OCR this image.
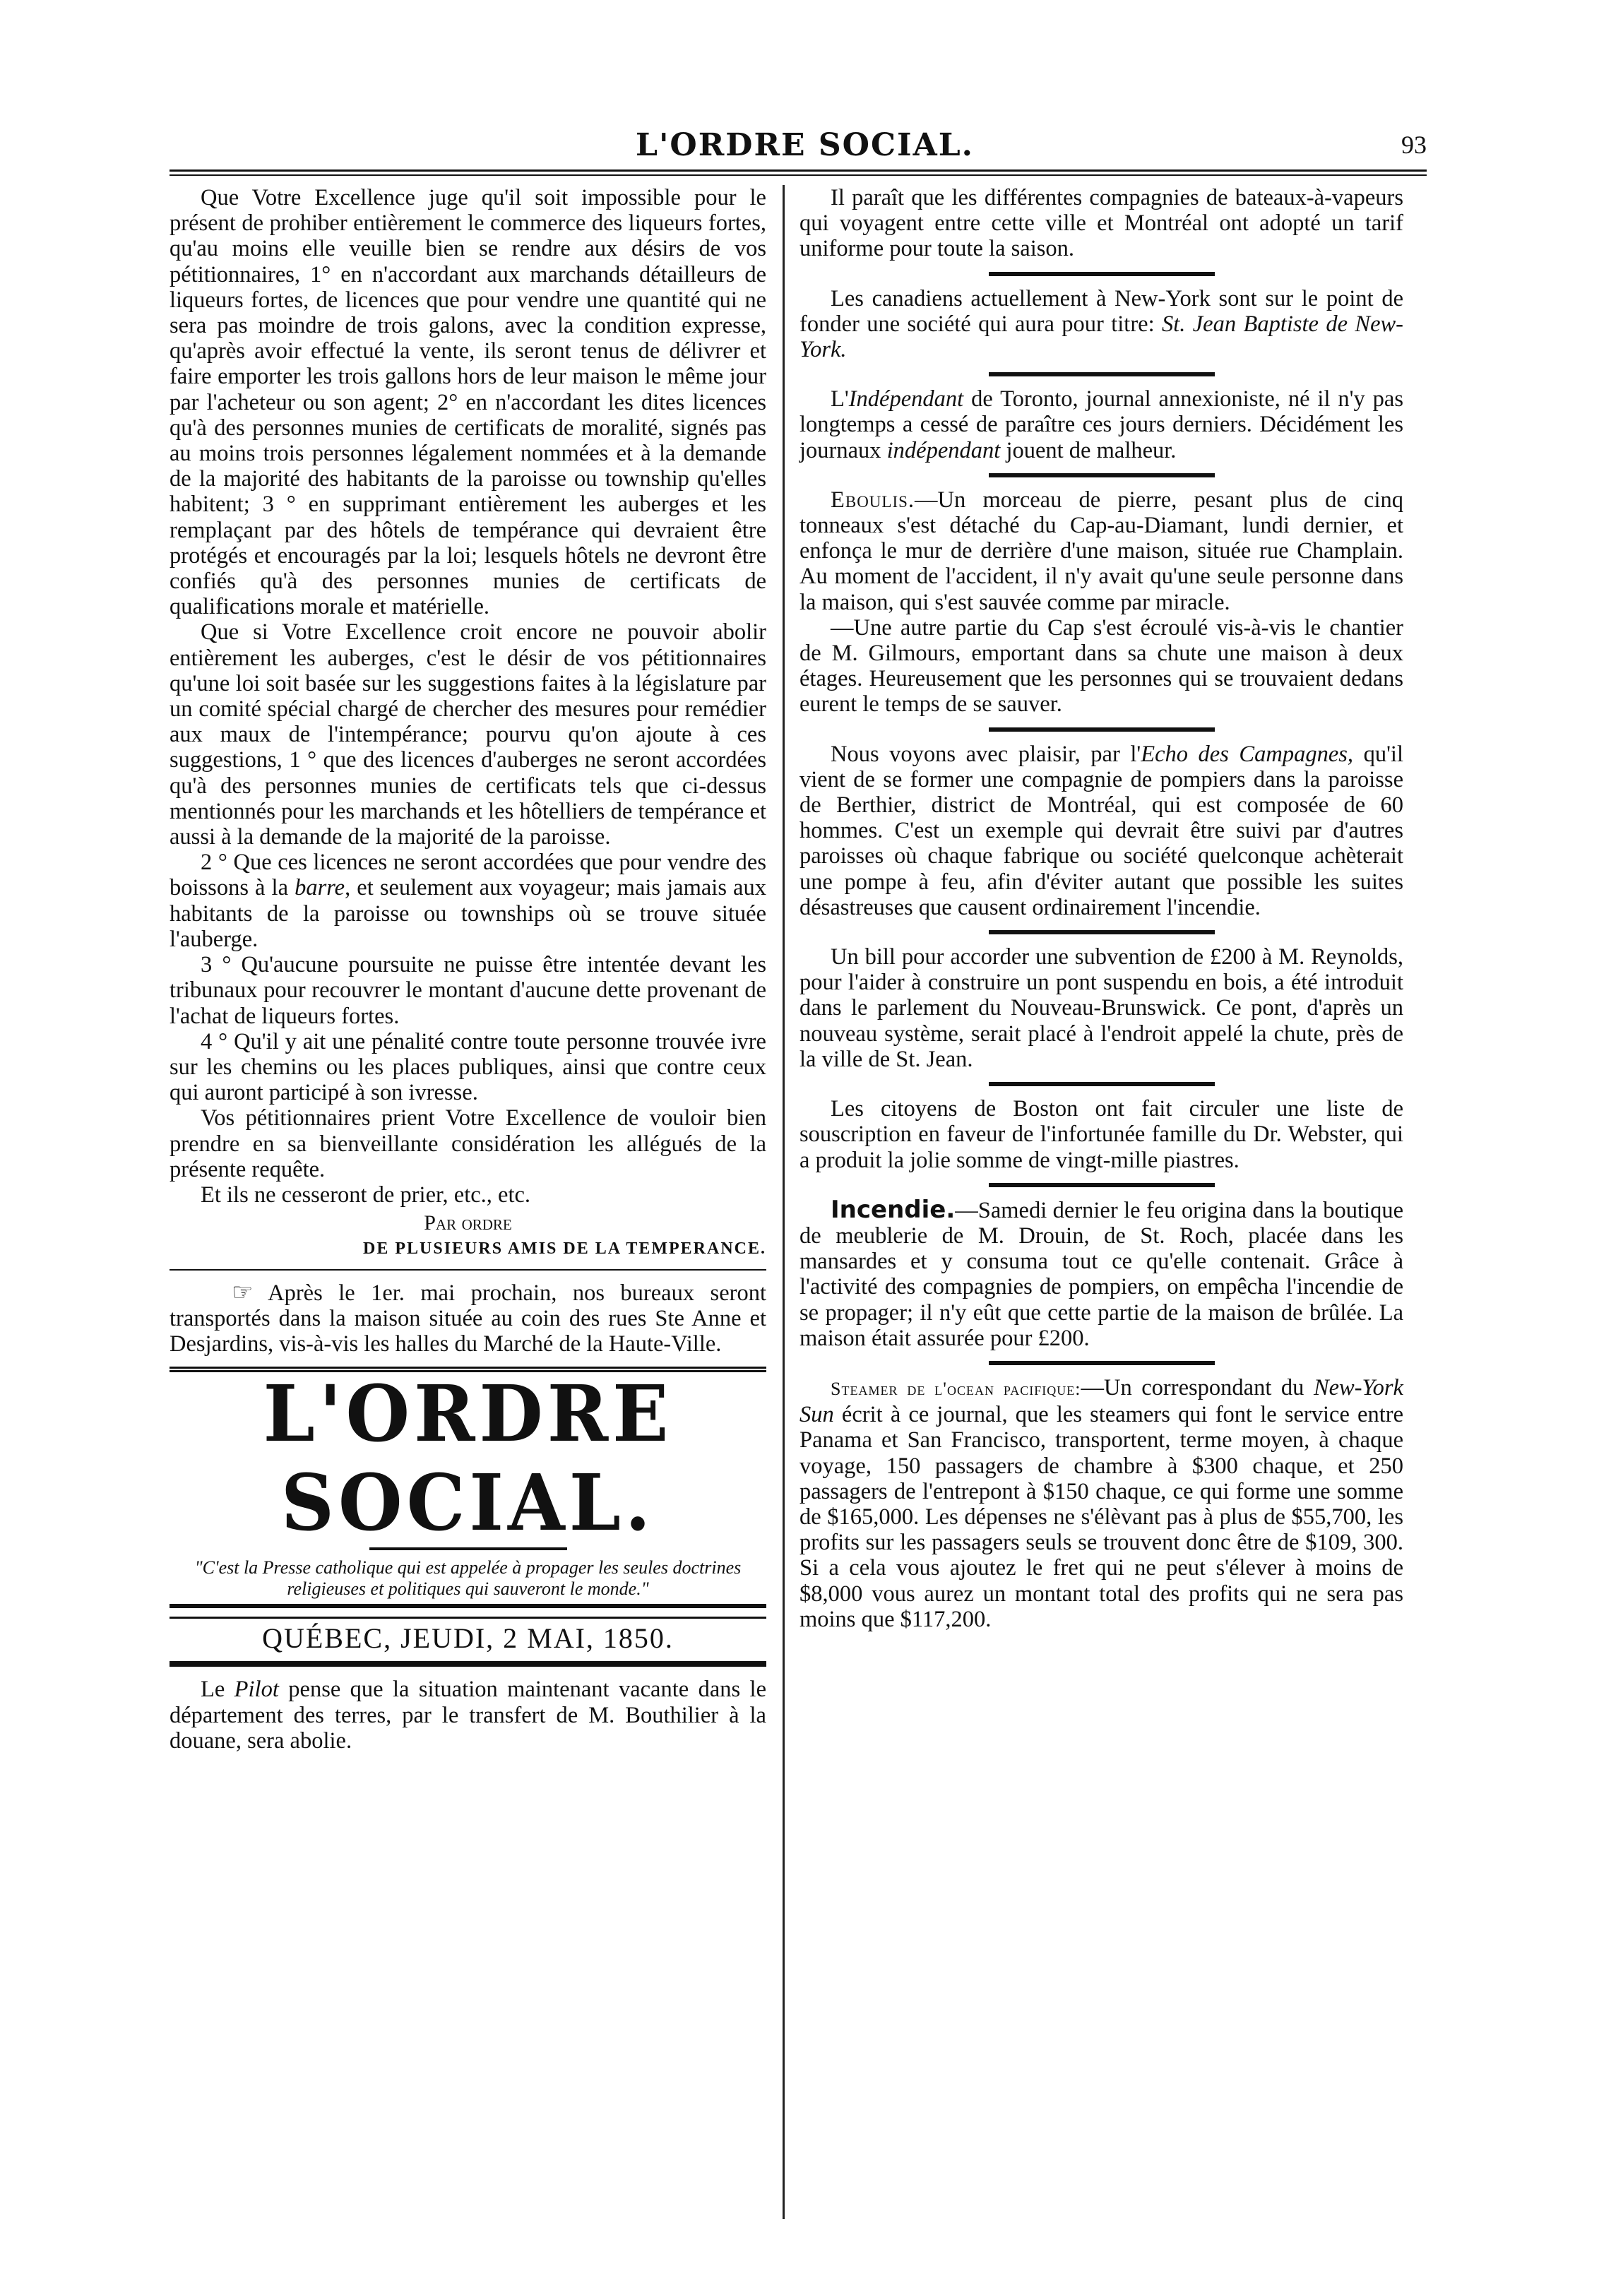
L'ORDRE SOCIAL.	93

Que Votre Excellence juge qu'il soit impossible pour le présent de prohiber entièrement le commerce des liqueurs fortes, qu'au moins elle veuille bien se rendre aux désirs de vos pétitionnaires, 1° en n'accordant aux marchands détailleurs de liqueurs fortes, de licences que pour vendre une quantité qui ne sera pas moindre de trois galons, avec la condition expresse, qu'après avoir effectué la vente, ils seront tenus de délivrer et faire emporter les trois gallons hors de leur maison le même jour par l'acheteur ou son agent; 2° en n'accordant les dites licences qu'à des personnes munies de certificats de moralité, signés pas au moins trois personnes légalement nommées et à la demande de la majorité des habitants de la paroisse ou township qu'elles habitent; 3 ° en supprimant entièrement les auberges et les remplaçant par des hôtels de tempérance qui devraient être protégés et encouragés par la loi; lesquels hôtels ne devront être confiés qu'à des personnes munies de certificats de qualifications morale et matérielle.

Que si Votre Excellence croit encore ne pouvoir abolir entièrement les auberges, c'est le désir de vos pétitionnaires qu'une loi soit basée sur les suggestions faites à la législature par un comité spécial chargé de chercher des mesures pour remédier aux maux de l'intempérance; pourvu qu'on ajoute à ces suggestions, 1 ° que des licences d'auberges ne seront accordées qu'à des personnes munies de certificats tels que ci-dessus mentionnés pour les marchands et les hôtelliers de tempérance et aussi à la demande de la majorité de la paroisse.

2 ° Que ces licences ne seront accordées que pour vendre des boissons à la barre, et seulement aux voyageur; mais jamais aux habitants de la paroisse ou townships où se trouve située l'auberge.

3 ° Qu'aucune poursuite ne puisse être intentée devant les tribunaux pour recouvrer le montant d'aucune dette provenant de l'achat de liqueurs fortes.

4 ° Qu'il y ait une pénalité contre toute personne trouvée ivre sur les chemins ou les places publiques, ainsi que contre ceux qui auront participé à son ivresse.

Vos pétitionnaires prient Votre Excellence de vouloir bien prendre en sa bienveillante considération les allégués de la présente requête.

Et ils ne cesseront de prier, etc., etc.

Par ordre
DE PLUSIEURS AMIS DE LA TEMPERANCE.

☞ Après le 1er. mai prochain, nos bureaux seront transportés dans la maison située au coin des rues Ste Anne et Desjardins, vis-à-vis les halles du Marché de la Haute-Ville.

L'ORDRE SOCIAL.
"C'est la Presse catholique qui est appelée à propager les seules doctrines religieuses et politiques qui sauveront le monde."
QUÉBEC, JEUDI, 2 MAI, 1850.

Le Pilot pense que la situation maintenant vacante dans le département des terres, par le transfert de M. Bouthilier à la douane, sera abolie.

Il paraît que les différentes compagnies de bateaux-à-vapeurs qui voyagent entre cette ville et Montréal ont adopté un tarif uniforme pour toute la saison.

Les canadiens actuellement à New-York sont sur le point de fonder une société qui aura pour titre: St. Jean Baptiste de New-York.

L'Indépendant de Toronto, journal annexioniste, né il n'y pas longtemps a cessé de paraître ces jours derniers. Décidément les journaux indépendant jouent de malheur.

Eboulis.—Un morceau de pierre, pesant plus de cinq tonneaux s'est détaché du Cap-au-Diamant, lundi dernier, et enfonça le mur de derrière d'une maison, située rue Champlain. Au moment de l'accident, il n'y avait qu'une seule personne dans la maison, qui s'est sauvée comme par miracle.

—Une autre partie du Cap s'est écroulé vis-à-vis le chantier de M. Gilmours, emportant dans sa chute une maison à deux étages. Heureusement que les personnes qui se trouvaient dedans eurent le temps de se sauver.

Nous voyons avec plaisir, par l'Echo des Campagnes, qu'il vient de se former une compagnie de pompiers dans la paroisse de Berthier, district de Montréal, qui est composée de 60 hommes. C'est un exemple qui devrait être suivi par d'autres paroisses où chaque fabrique ou société quelconque achèterait une pompe à feu, afin d'éviter autant que possible les suites désastreuses que causent ordinairement l'incendie.

Un bill pour accorder une subvention de £200 à M. Reynolds, pour l'aider à construire un pont suspendu en bois, a été introduit dans le parlement du Nouveau-Brunswick. Ce pont, d'après un nouveau système, serait placé à l'endroit appelé la chute, près de la ville de St. Jean.

Les citoyens de Boston ont fait circuler une liste de souscription en faveur de l'infortunée famille du Dr. Webster, qui a produit la jolie somme de vingt-mille piastres.

Incendie.—Samedi dernier le feu origina dans la boutique de meublerie de M. Drouin, de St. Roch, placée dans les mansardes et y consuma tout ce qu'elle contenait. Grâce à l'activité des compagnies de pompiers, on empêcha l'incendie de se propager; il n'y eût que cette partie de la maison de brûlée. La maison était assurée pour £200.

Steamer de l'ocean pacifique:—Un correspondant du New-York Sun écrit à ce journal, que les steamers qui font le service entre Panama et San Francisco, transportent, terme moyen, à chaque voyage, 150 passagers de chambre à $300 chaque, et 250 passagers de l'entrepont à $150 chaque, ce qui forme une somme de $165,000. Les dépenses ne s'élèvant pas à plus de $55,700, les profits sur les passagers seuls se trouvent donc être de $109, 300. Si a cela vous ajoutez le fret qui ne peut s'élever à moins de $8,000 vous aurez un montant total des profits qui ne sera pas moins que $117,200.
